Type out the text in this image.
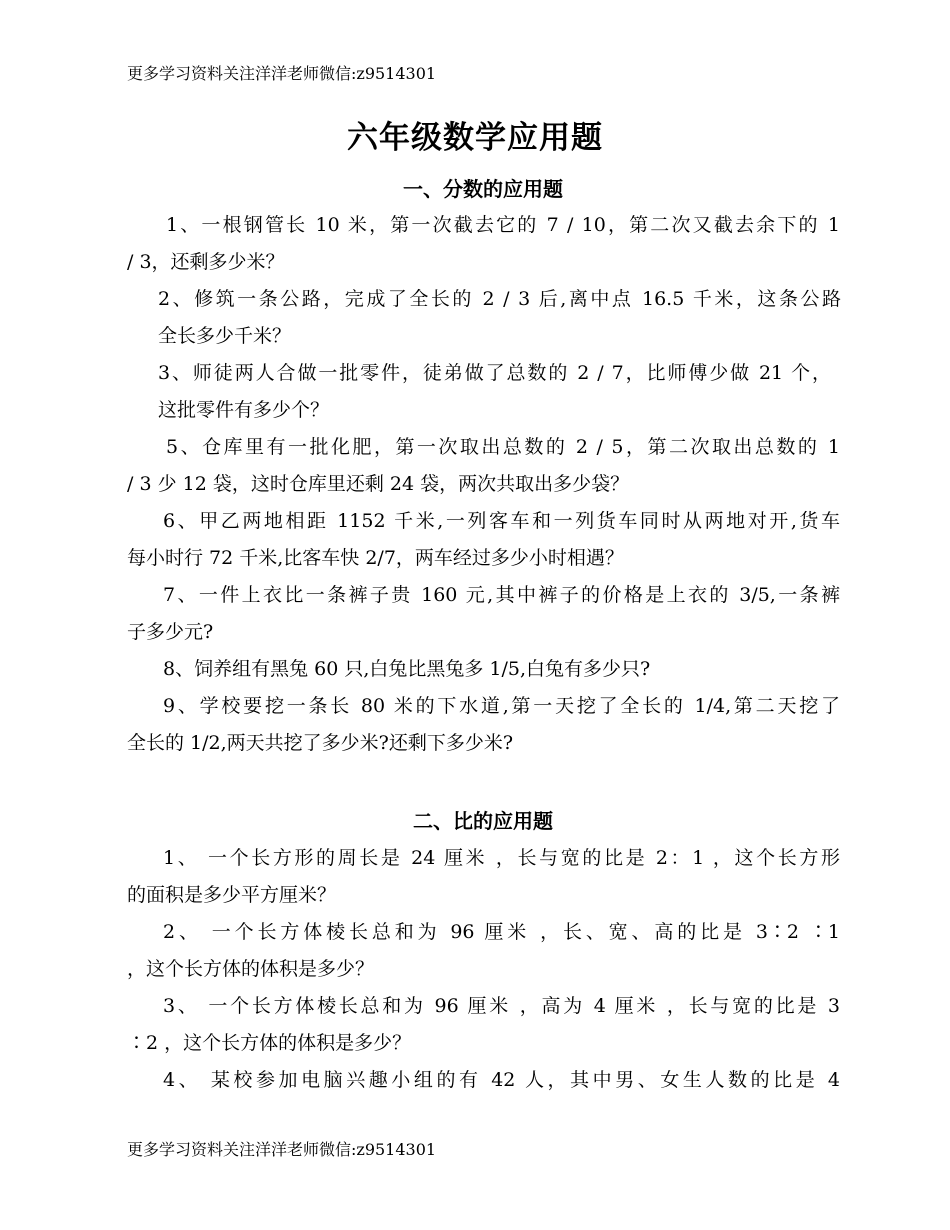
更多学习资料关注洋洋老师微信:z9514301
六年级数学应用题
一、分数的应用题
1、一根钢管长 10 米，第一次截去它的 7 / 10，第二次又截去余下的 1
/ 3，还剩多少米？
2、修筑一条公路，完成了全长的 2 / 3 后,离中点 16.5 千米，这条公路
全长多少千米？
3、师徒两人合做一批零件，徒弟做了总数的 2 / 7，比师傅少做 21 个，
这批零件有多少个？
5、仓库里有一批化肥，第一次取出总数的 2 / 5，第二次取出总数的 1
/ 3 少 12 袋，这时仓库里还剩 24 袋，两次共取出多少袋？
6、甲乙两地相距 1152 千米,一列客车和一列货车同时从两地对开,货车
每小时行 72 千米,比客车快 2/7，两车经过多少小时相遇？
7、一件上衣比一条裤子贵 160 元,其中裤子的价格是上衣的 3/5,一条裤
子多少元?
8、饲养组有黑兔 60 只,白兔比黑兔多 1/5,白兔有多少只?
9、学校要挖一条长 80 米的下水道,第一天挖了全长的 1/4,第二天挖了
全长的 1/2,两天共挖了多少米?还剩下多少米?
二、比的应用题
1、 一个长方形的周长是 24 厘米 ，长与宽的比是 2：1 ，这个长方形
的面积是多少平方厘米？
2、 一个长方体棱长总和为 96 厘米 ，长、宽、高的比是 3∶2 ∶1
，这个长方体的体积是多少？
3、 一个长方体棱长总和为 96 厘米 ，高为 4 厘米 ，长与宽的比是 3
∶2 ，这个长方体的体积是多少？
4、 某校参加电脑兴趣小组的有 42 人，其中男、女生人数的比是 4
更多学习资料关注洋洋老师微信:z9514301
